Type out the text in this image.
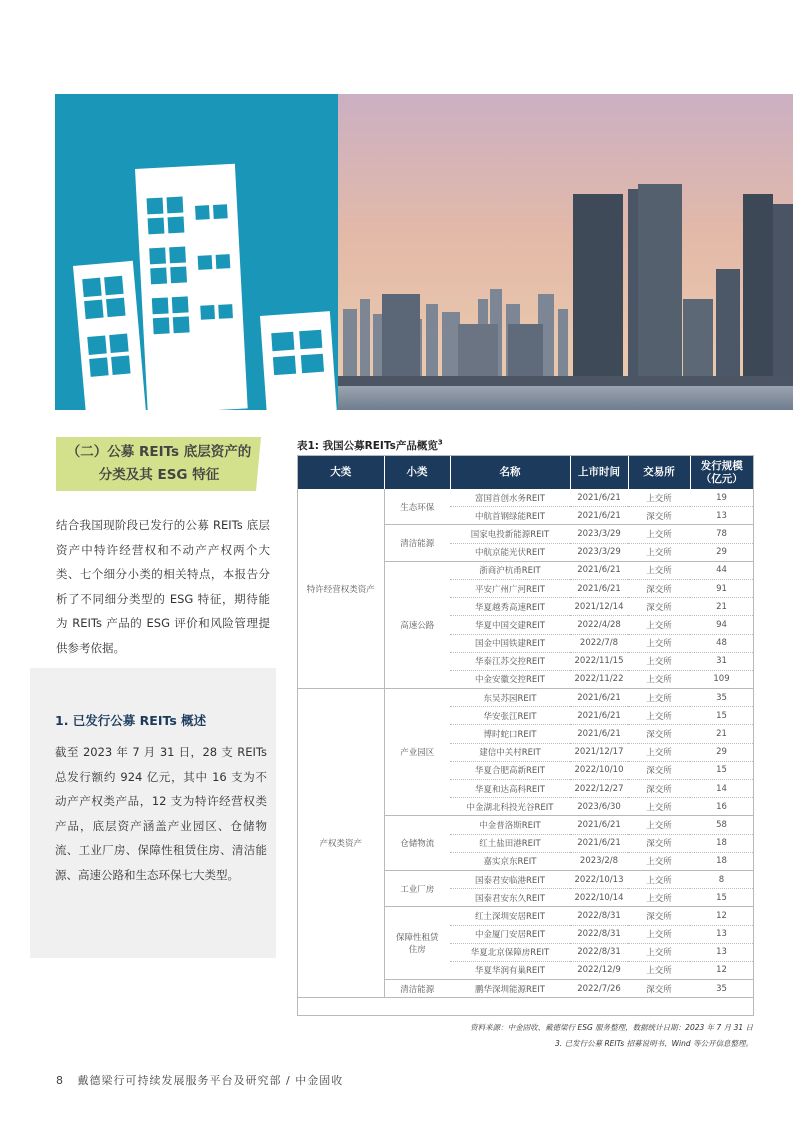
（二）公募 REITs 底层资产的
分类及其 ESG 特征
结合我国现阶段已发行的公募 REITs 底层资产中特许经营权和不动产产权两个大类、七个细分小类的相关特点，本报告分析了不同细分类型的 ESG 特征，期待能为 REITs 产品的 ESG 评价和风险管理提供参考依据。
1. 已发行公募 REITs 概述
截至 2023 年 7 月 31 日，28 支 REITs 总发行额约 924 亿元，其中 16 支为不动产产权类产品，12 支为特许经营权类产品，底层资产涵盖产业园区、仓储物流、工业厂房、保障性租赁住房、清洁能源、高速公路和生态环保七大类型。
表1: 我国公募REITs产品概览$^3$
大类	小类	名称	上市时间	交易所	发行规模（亿元）
特许经营权类资产	生态环保	富国首创水务REIT	2021/6/21	上交所	19
		中航首钢绿能REIT	2021/6/21	深交所	13
	清洁能源	国家电投新能源REIT	2023/3/29	上交所	78
		中航京能光伏REIT	2023/3/29	上交所	29
	高速公路	浙商沪杭甬REIT	2021/6/21	上交所	44
		平安广州广河REIT	2021/6/21	深交所	91
		华夏越秀高速REIT	2021/12/14	深交所	21
		华夏中国交建REIT	2022/4/28	上交所	94
		国金中国铁建REIT	2022/7/8	上交所	48
		华泰江苏交控REIT	2022/11/15	上交所	31
		中金安徽交控REIT	2022/11/22	上交所	109
产权类资产	产业园区	东吴苏园REIT	2021/6/21	上交所	35
		华安张江REIT	2021/6/21	上交所	15
		博时蛇口REIT	2021/6/21	深交所	21
		建信中关村REIT	2021/12/17	上交所	29
		华夏合肥高新REIT	2022/10/10	深交所	15
		华夏和达高科REIT	2022/12/27	深交所	14
		中金湖北科投光谷REIT	2023/6/30	上交所	16
	仓储物流	中金普洛斯REIT	2021/6/21	上交所	58
		红土盐田港REIT	2021/6/21	深交所	18
		嘉实京东REIT	2023/2/8	上交所	18
	工业厂房	国泰君安临港REIT	2022/10/13	上交所	8
		国泰君安东久REIT	2022/10/14	上交所	15
	保障性租赁住房	红土深圳安居REIT	2022/8/31	深交所	12
		中金厦门安居REIT	2022/8/31	上交所	13
		华夏北京保障房REIT	2022/8/31	上交所	13
		华夏华润有巢REIT	2022/12/9	上交所	12
	清洁能源	鹏华深圳能源REIT	2022/7/26	深交所	35
资料来源：中金固收、戴德梁行 ESG 服务整理，数据统计日期：2023 年 7 月 31 日
3. 已发行公募 REITs 招募说明书、Wind 等公开信息整理。
8 戴德梁行可持续发展服务平台及研究部 / 中金固收
